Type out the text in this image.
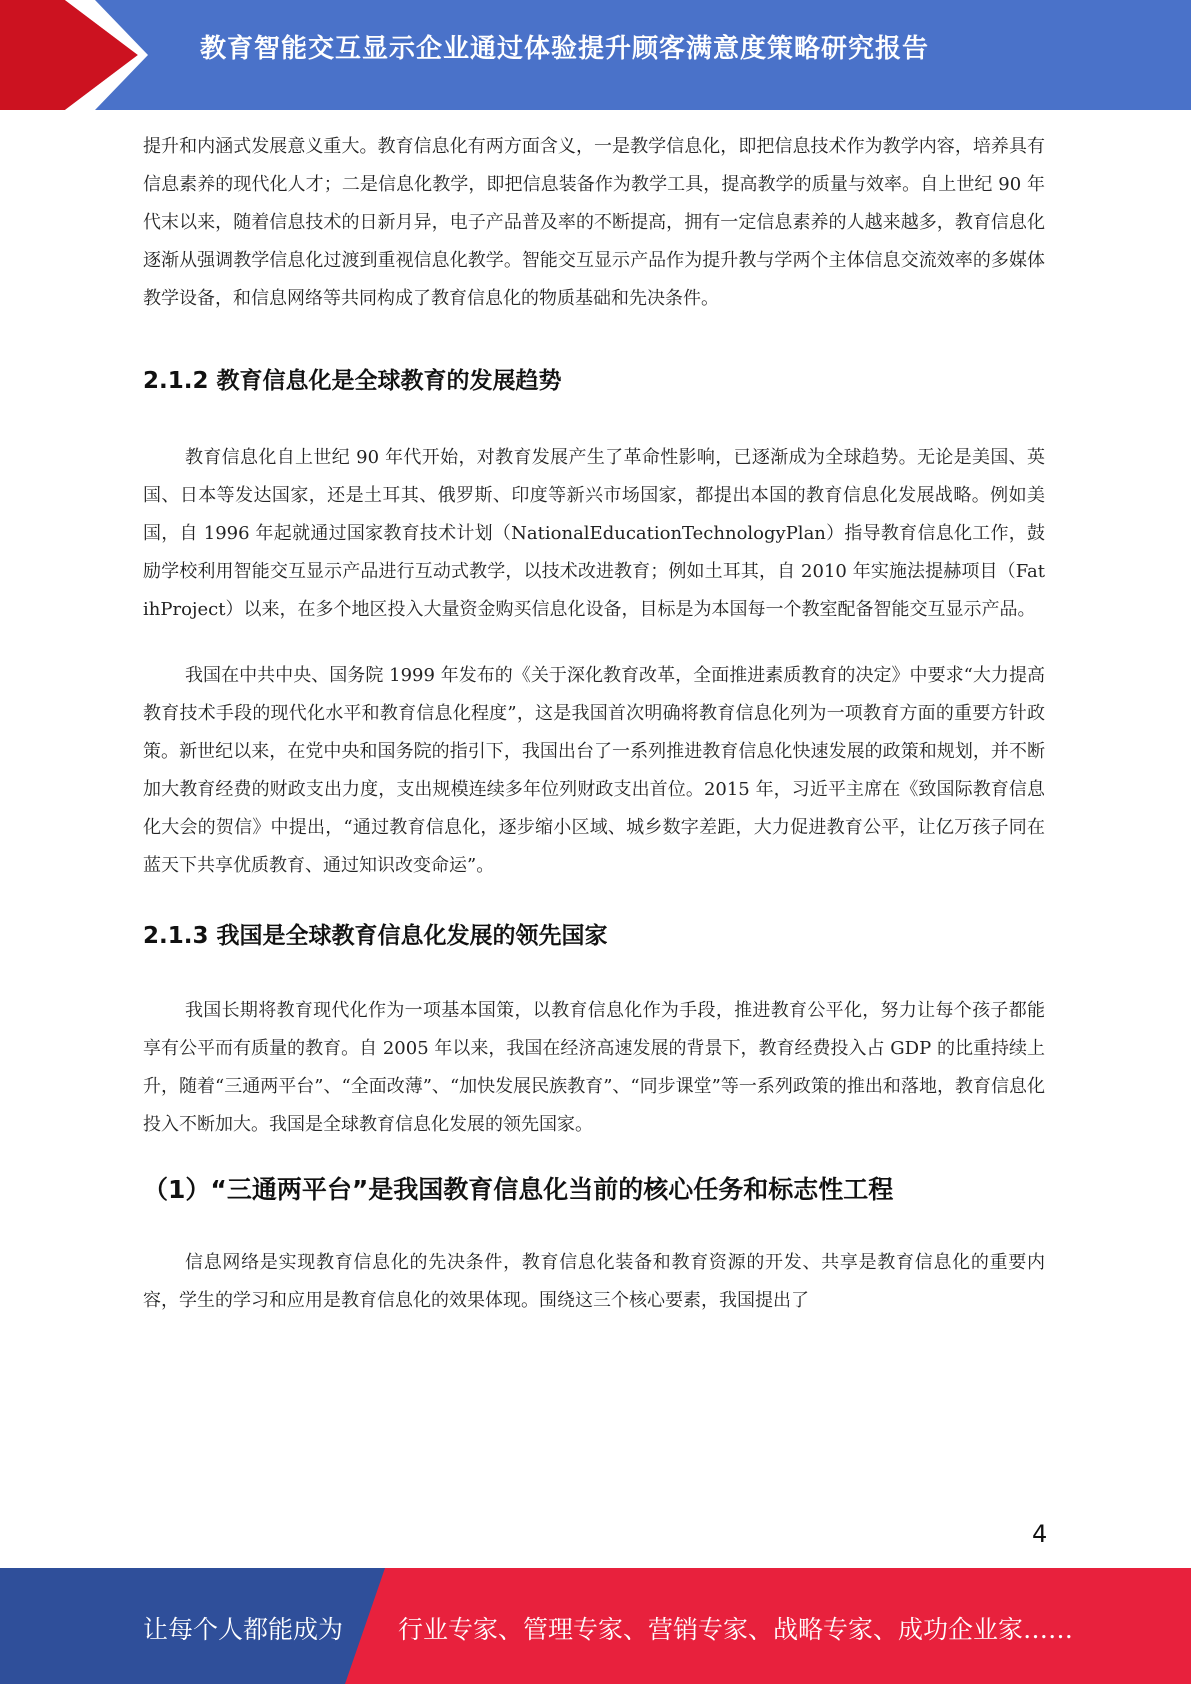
教育智能交互显示企业通过体验提升顾客满意度策略研究报告

提升和内涵式发展意义重大。教育信息化有两方面含义，一是教学信息化，即把信息技术作为教学内容，培养具有信息素养的现代化人才；二是信息化教学，即把信息装备作为教学工具，提高教学的质量与效率。自上世纪 90 年代末以来，随着信息技术的日新月异，电子产品普及率的不断提高，拥有一定信息素养的人越来越多，教育信息化逐渐从强调教学信息化过渡到重视信息化教学。智能交互显示产品作为提升教与学两个主体信息交流效率的多媒体教学设备，和信息网络等共同构成了教育信息化的物质基础和先决条件。

2.1.2 教育信息化是全球教育的发展趋势

教育信息化自上世纪 90 年代开始，对教育发展产生了革命性影响，已逐渐成为全球趋势。无论是美国、英国、日本等发达国家，还是土耳其、俄罗斯、印度等新兴市场国家，都提出本国的教育信息化发展战略。例如美国，自 1996 年起就通过国家教育技术计划（NationalEducationTechnologyPlan）指导教育信息化工作，鼓励学校利用智能交互显示产品进行互动式教学，以技术改进教育；例如土耳其，自 2010 年实施法提赫项目（FatihProject）以来，在多个地区投入大量资金购买信息化设备，目标是为本国每一个教室配备智能交互显示产品。

我国在中共中央、国务院 1999 年发布的《关于深化教育改革，全面推进素质教育的决定》中要求“大力提高教育技术手段的现代化水平和教育信息化程度”，这是我国首次明确将教育信息化列为一项教育方面的重要方针政策。新世纪以来，在党中央和国务院的指引下，我国出台了一系列推进教育信息化快速发展的政策和规划，并不断加大教育经费的财政支出力度，支出规模连续多年位列财政支出首位。2015 年，习近平主席在《致国际教育信息化大会的贺信》中提出，“通过教育信息化，逐步缩小区域、城乡数字差距，大力促进教育公平，让亿万孩子同在蓝天下共享优质教育、通过知识改变命运”。

2.1.3 我国是全球教育信息化发展的领先国家

我国长期将教育现代化作为一项基本国策，以教育信息化作为手段，推进教育公平化，努力让每个孩子都能享有公平而有质量的教育。自 2005 年以来，我国在经济高速发展的背景下，教育经费投入占 GDP 的比重持续上升，随着“三通两平台”、“全面改薄”、“加快发展民族教育”、“同步课堂”等一系列政策的推出和落地，教育信息化投入不断加大。我国是全球教育信息化发展的领先国家。

（1）“三通两平台”是我国教育信息化当前的核心任务和标志性工程

信息网络是实现教育信息化的先决条件，教育信息化装备和教育资源的开发、共享是教育信息化的重要内容，学生的学习和应用是教育信息化的效果体现。围绕这三个核心要素，我国提出了

4
让每个人都能成为 行业专家、管理专家、营销专家、战略专家、成功企业家……
